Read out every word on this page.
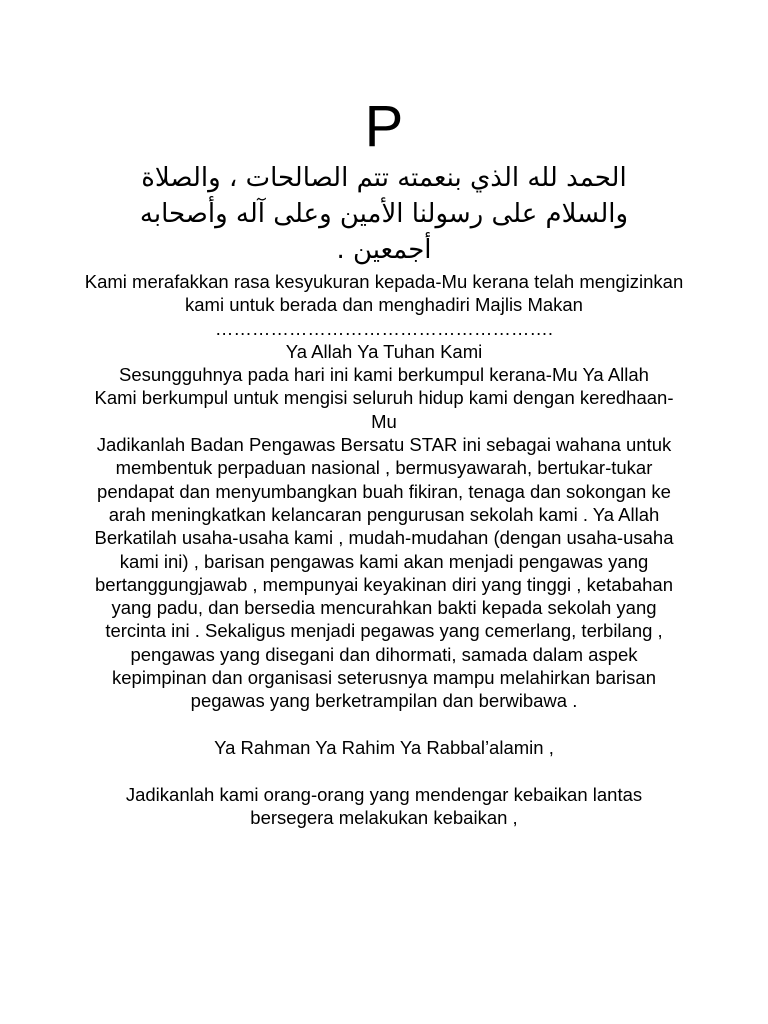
P
الحمد لله الذي بنعمته تتم الصالحات ، والصلاة
والسلام على رسولنا الأمين وعلى آله وأصحابه
أجمعين .

Kami merafakkan rasa kesyukuran kepada-Mu kerana telah mengizinkan kami untuk berada dan menghadiri Majlis Makan ……………………………………………….

Ya Allah Ya Tuhan Kami

Sesungguhnya pada hari ini kami berkumpul kerana-Mu Ya Allah

Kami berkumpul untuk mengisi seluruh hidup kami dengan keredhaan-Mu

Jadikanlah Badan Pengawas Bersatu STAR ini sebagai wahana untuk membentuk perpaduan nasional , bermusyawarah, bertukar-tukar pendapat dan menyumbangkan buah fikiran, tenaga dan sokongan ke arah meningkatkan kelancaran pengurusan sekolah kami . Ya Allah

Berkatilah usaha-usaha kami , mudah-mudahan (dengan usaha-usaha kami ini) , barisan pengawas kami akan menjadi pengawas yang bertanggungjawab , mempunyai keyakinan diri yang tinggi , ketabahan yang padu, dan bersedia mencurahkan bakti kepada sekolah yang tercinta ini . Sekaligus menjadi pegawas yang cemerlang, terbilang , pengawas yang disegani dan dihormati, samada dalam aspek kepimpinan dan organisasi seterusnya mampu melahirkan barisan pegawas yang berketrampilan dan berwibawa .

Ya Rahman Ya Rahim Ya Rabbal’alamin ,

Jadikanlah kami orang-orang yang mendengar kebaikan lantas bersegera melakukan kebaikan ,
